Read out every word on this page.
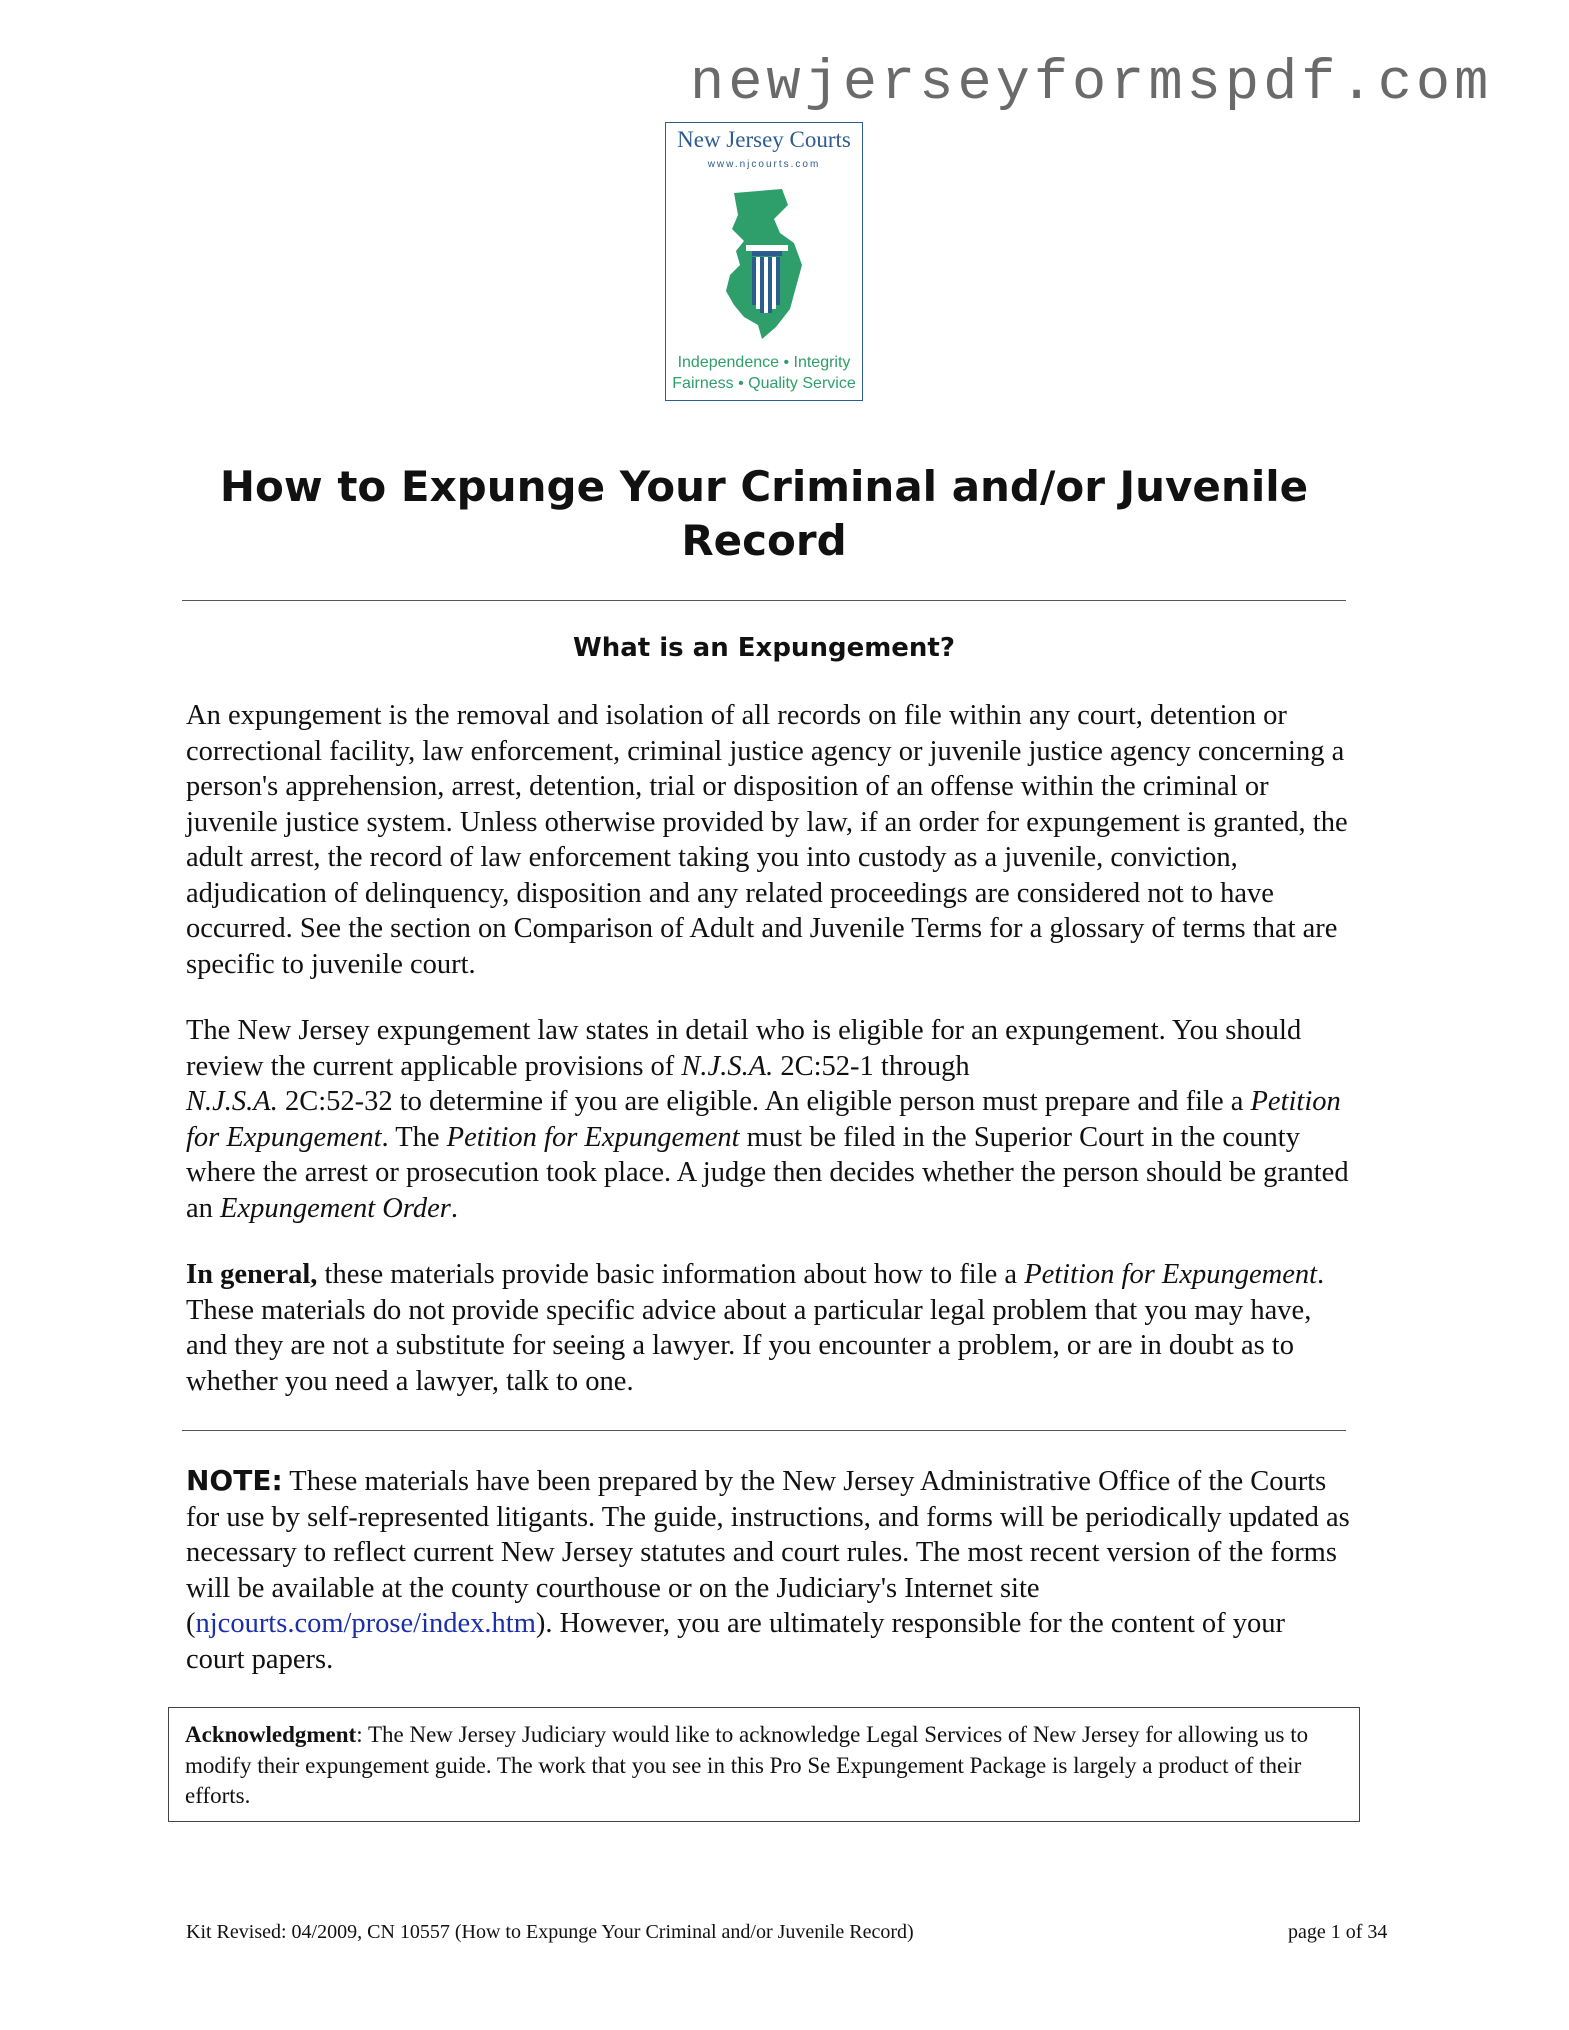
newjerseyformspdf.com
New Jersey Courts
www.njcourts.com
Independence • Integrity
Fairness • Quality Service
How to Expunge Your Criminal and/or Juvenile Record
What is an Expungement?
An expungement is the removal and isolation of all records on file within any court, detention or correctional facility, law enforcement, criminal justice agency or juvenile justice agency concerning a person's apprehension, arrest, detention, trial or disposition of an offense within the criminal or juvenile justice system. Unless otherwise provided by law, if an order for expungement is granted, the adult arrest, the record of law enforcement taking you into custody as a juvenile, conviction, adjudication of delinquency, disposition and any related proceedings are considered not to have occurred. See the section on Comparison of Adult and Juvenile Terms for a glossary of terms that are specific to juvenile court.
The New Jersey expungement law states in detail who is eligible for an expungement. You should review the current applicable provisions of N.J.S.A. 2C:52-1 through
N.J.S.A. 2C:52-32 to determine if you are eligible. An eligible person must prepare and file a Petition for Expungement. The Petition for Expungement must be filed in the Superior Court in the county where the arrest or prosecution took place. A judge then decides whether the person should be granted an Expungement Order.
In general, these materials provide basic information about how to file a Petition for Expungement. These materials do not provide specific advice about a particular legal problem that you may have, and they are not a substitute for seeing a lawyer. If you encounter a problem, or are in doubt as to whether you need a lawyer, talk to one.
NOTE: These materials have been prepared by the New Jersey Administrative Office of the Courts for use by self-represented litigants. The guide, instructions, and forms will be periodically updated as necessary to reflect current New Jersey statutes and court rules. The most recent version of the forms will be available at the county courthouse or on the Judiciary's Internet site (njcourts.com/prose/index.htm). However, you are ultimately responsible for the content of your court papers.
Acknowledgment: The New Jersey Judiciary would like to acknowledge Legal Services of New Jersey for allowing us to modify their expungement guide. The work that you see in this Pro Se Expungement Package is largely a product of their efforts.
Kit Revised: 04/2009, CN 10557 (How to Expunge Your Criminal and/or Juvenile Record)	page 1 of 34
